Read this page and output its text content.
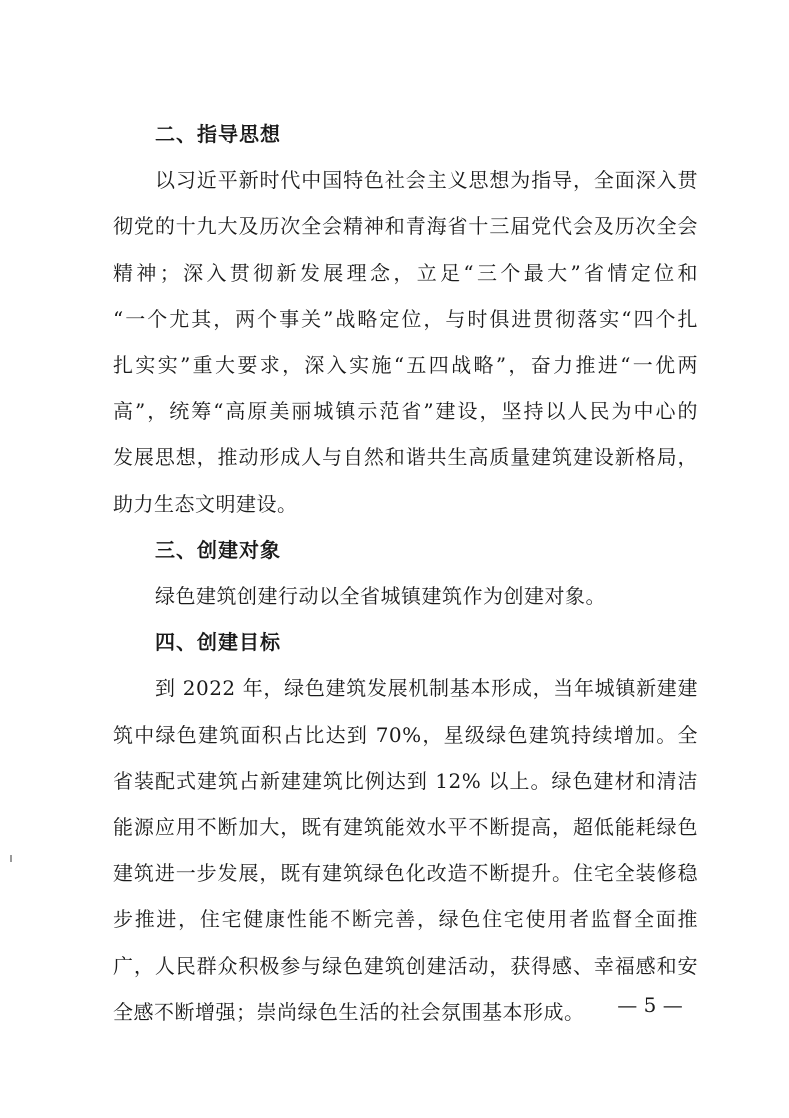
二、指导思想
以习近平新时代中国特色社会主义思想为指导，全面深入贯
彻党的十九大及历次全会精神和青海省十三届党代会及历次全会
精神；深入贯彻新发展理念，立足“三个最大”省情定位和
“一个尤其，两个事关”战略定位，与时俱进贯彻落实“四个扎
扎实实”重大要求，深入实施“五四战略”，奋力推进“一优两
高”，统筹“高原美丽城镇示范省”建设，坚持以人民为中心的
发展思想，推动形成人与自然和谐共生高质量建筑建设新格局，
助力生态文明建设。
三、创建对象
绿色建筑创建行动以全省城镇建筑作为创建对象。
四、创建目标
到 2022 年，绿色建筑发展机制基本形成，当年城镇新建建
筑中绿色建筑面积占比达到 70%，星级绿色建筑持续增加。全
省装配式建筑占新建建筑比例达到 12% 以上。绿色建材和清洁
能源应用不断加大，既有建筑能效水平不断提高，超低能耗绿色
建筑进一步发展，既有建筑绿色化改造不断提升。住宅全装修稳
步推进，住宅健康性能不断完善，绿色住宅使用者监督全面推
广，人民群众积极参与绿色建筑创建活动，获得感、幸福感和安
全感不断增强；崇尚绿色生活的社会氛围基本形成。	— 5 —
